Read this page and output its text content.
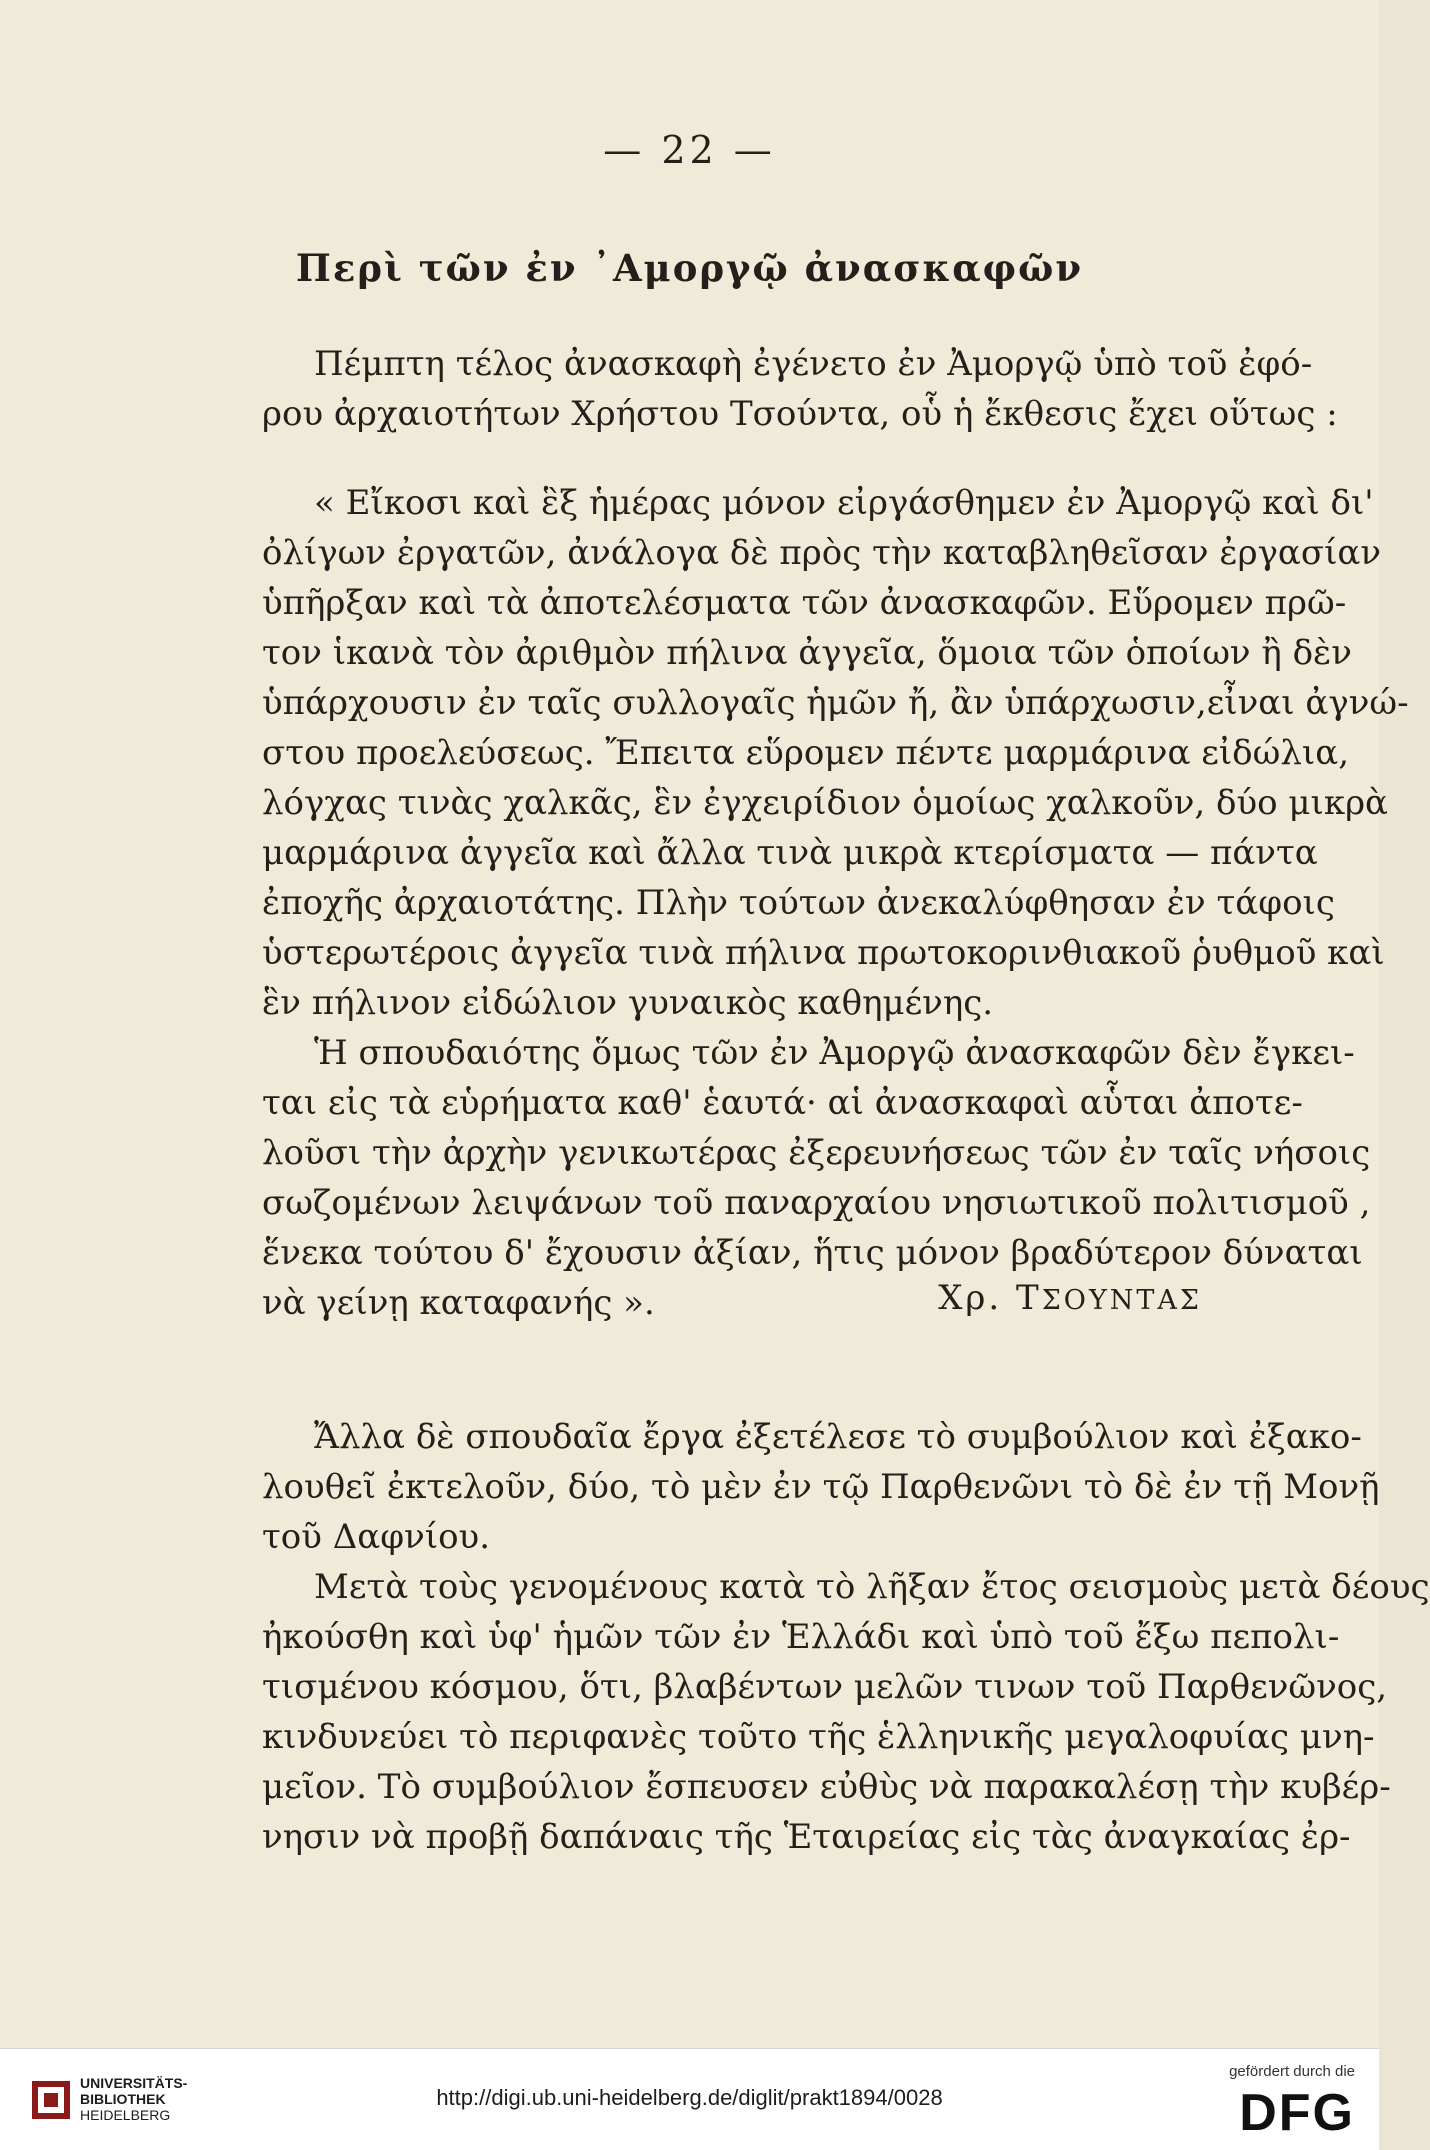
— 22 —
Περὶ τῶν ἐν ᾿Αμοργῷ ἀνασκαφῶν
Πέμπτη τέλος ἀνασκαφὴ ἐγένετο ἐν Ἀμοργῷ ὑπὸ τοῦ ἐφό-
ρου ἀρχαιοτήτων Χρήστου Τσούντα, οὗ ἡ ἔκθεσις ἔχει οὕτως :
« Εἴκοσι καὶ ἓξ ἡμέρας μόνον εἰργάσθημεν ἐν Ἀμοργῷ καὶ δι'
ὀλίγων ἐργατῶν, ἀνάλογα δὲ πρὸς τὴν καταβληθεῖσαν ἐργασίαν
ὑπῆρξαν καὶ τὰ ἀποτελέσματα τῶν ἀνασκαφῶν. Εὕρομεν πρῶ-
τον ἱκανὰ τὸν ἀριθμὸν πήλινα ἀγγεῖα, ὅμοια τῶν ὁποίων ἢ δὲν
ὑπάρχουσιν ἐν ταῖς συλλογαῖς ἡμῶν ἤ, ἂν ὑπάρχωσιν,εἶναι ἀγνώ-
στου προελεύσεως. Ἔπειτα εὕρομεν πέντε μαρμάρινα εἰδώλια,
λόγχας τινὰς χαλκᾶς, ἓν ἐγχειρίδιον ὁμοίως χαλκοῦν, δύο μικρὰ
μαρμάρινα ἀγγεῖα καὶ ἄλλα τινὰ μικρὰ κτερίσματα — πάντα
ἐποχῆς ἀρχαιοτάτης. Πλὴν τούτων ἀνεκαλύφθησαν ἐν τάφοις
ὑστερωτέροις ἀγγεῖα τινὰ πήλινα πρωτοκορινθιακοῦ ῥυθμοῦ καὶ
ἓν πήλινον εἰδώλιον γυναικὸς καθημένης.
Ἡ σπουδαιότης ὅμως τῶν ἐν Ἀμοργῷ ἀνασκαφῶν δὲν ἔγκει-
ται εἰς τὰ εὑρήματα καθ' ἑαυτά· αἱ ἀνασκαφαὶ αὗται ἀποτε-
λοῦσι τὴν ἀρχὴν γενικωτέρας ἐξερευνήσεως τῶν ἐν ταῖς νήσοις
σωζομένων λειψάνων τοῦ παναρχαίου νησιωτικοῦ πολιτισμοῦ ,
ἕνεκα τούτου δ' ἔχουσιν ἀξίαν, ἥτις μόνον βραδύτερον δύναται
νὰ γείνῃ καταφανής ».	Χρ. ΤΣΟΥΝΤΑΣ
Ἄλλα δὲ σπουδαῖα ἔργα ἐξετέλεσε τὸ συμβούλιον καὶ ἐξακο-
λουθεῖ ἐκτελοῦν, δύο, τὸ μὲν ἐν τῷ Παρθενῶνι τὸ δὲ ἐν τῇ Μονῇ
τοῦ Δαφνίου.
Μετὰ τοὺς γενομένους κατὰ τὸ λῆξαν ἔτος σεισμοὺς μετὰ δέους
ἠκούσθη καὶ ὑφ' ἡμῶν τῶν ἐν Ἑλλάδι καὶ ὑπὸ τοῦ ἔξω πεπολι-
τισμένου κόσμου, ὅτι, βλαβέντων μελῶν τινων τοῦ Παρθενῶνος,
κινδυνεύει τὸ περιφανὲς τοῦτο τῆς ἑλληνικῆς μεγαλοφυίας μνη-
μεῖον. Τὸ συμβούλιον ἔσπευσεν εὐθὺς νὰ παρακαλέσῃ τὴν κυβέρ-
νησιν νὰ προβῇ δαπάναις τῆς Ἑταιρείας εἰς τὰς ἀναγκαίας ἐρ-
UNIVERSITÄTS-
BIBLIOTHEK
HEIDELBERG
http://digi.ub.uni-heidelberg.de/diglit/prakt1894/0028
gefördert durch die
DFG
